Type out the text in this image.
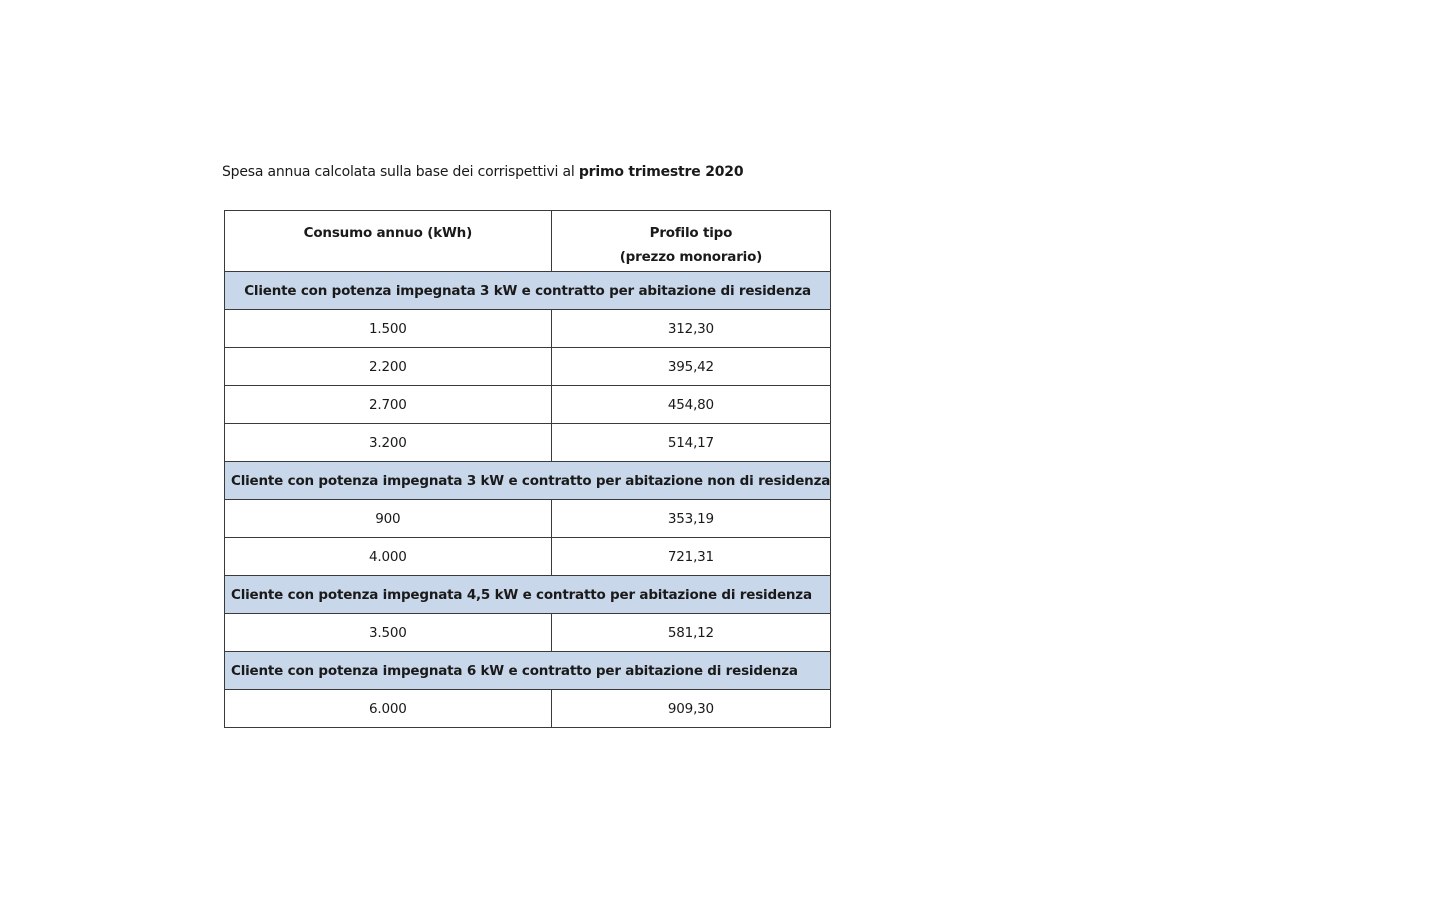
Spesa annua calcolata sulla base dei corrispettivi al primo trimestre 2020
Consumo annuo (kWh)	Profilo tipo
(prezzo monorario)

Cliente con potenza impegnata 3 kW e contratto per abitazione di residenza	
1.500	312,30
2.200	395,42
2.700	454,80
3.200	514,17
Cliente con potenza impegnata 3 kW e contratto per abitazione non di residenza	
900	353,19
4.000	721,31
Cliente con potenza impegnata 4,5 kW e contratto per abitazione di residenza	
3.500	581,12
Cliente con potenza impegnata 6 kW e contratto per abitazione di residenza	
6.000	909,30
